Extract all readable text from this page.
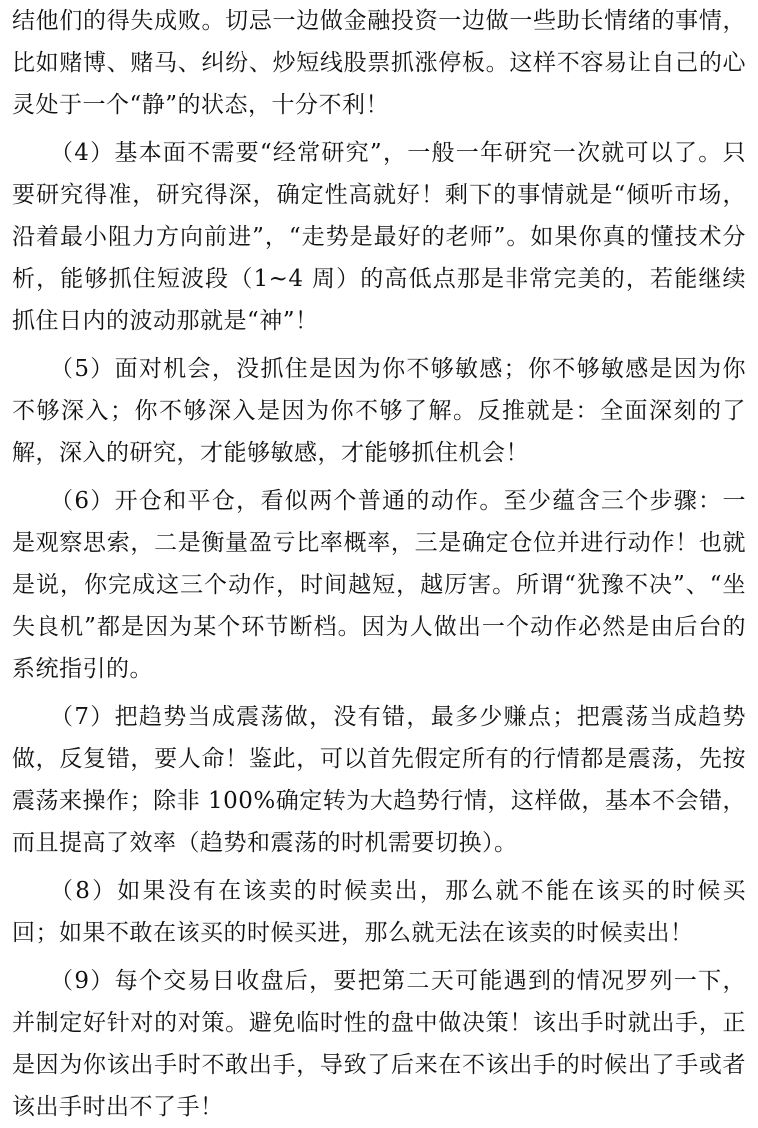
结他们的得失成败。切忌一边做金融投资一边做一些助长情绪的事情，比如赌博、赌马、纠纷、炒短线股票抓涨停板。这样不容易让自己的心灵处于一个“静”的状态，十分不利！

（4）基本面不需要“经常研究”，一般一年研究一次就可以了。只要研究得准，研究得深，确定性高就好！剩下的事情就是“倾听市场，沿着最小阻力方向前进”，“走势是最好的老师”。如果你真的懂技术分析，能够抓住短波段（1~4 周）的高低点那是非常完美的，若能继续抓住日内的波动那就是“神”！

（5）面对机会，没抓住是因为你不够敏感；你不够敏感是因为你不够深入；你不够深入是因为你不够了解。反推就是：全面深刻的了解，深入的研究，才能够敏感，才能够抓住机会！

（6）开仓和平仓，看似两个普通的动作。至少蕴含三个步骤：一是观察思索，二是衡量盈亏比率概率，三是确定仓位并进行动作！也就是说，你完成这三个动作，时间越短，越厉害。所谓“犹豫不决”、“坐失良机”都是因为某个环节断档。因为人做出一个动作必然是由后台的系统指引的。

（7）把趋势当成震荡做，没有错，最多少赚点；把震荡当成趋势做，反复错，要人命！鉴此，可以首先假定所有的行情都是震荡，先按震荡来操作；除非 100%确定转为大趋势行情，这样做，基本不会错，而且提高了效率（趋势和震荡的时机需要切换）。

（8）如果没有在该卖的时候卖出，那么就不能在该买的时候买回；如果不敢在该买的时候买进，那么就无法在该卖的时候卖出！

（9）每个交易日收盘后，要把第二天可能遇到的情况罗列一下，并制定好针对的对策。避免临时性的盘中做决策！该出手时就出手，正是因为你该出手时不敢出手，导致了后来在不该出手的时候出了手或者该出手时出不了手！
